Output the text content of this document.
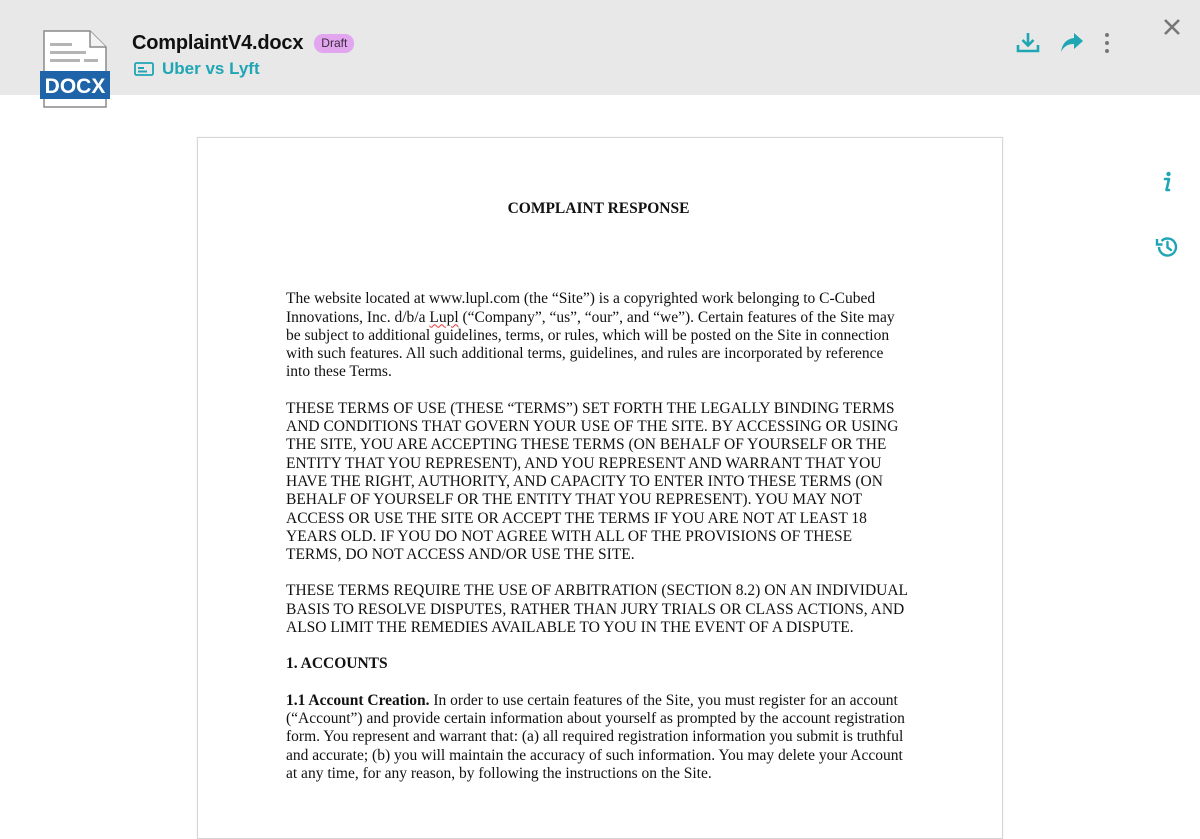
DOCX
ComplaintV4.docx	Draft
Uber vs Lyft
COMPLAINT RESPONSE

The website located at www.lupl.com (the “Site”) is a copyrighted work belonging to C-Cubed Innovations, Inc. d/b/a Lupl (“Company”, “us”, “our”, and “we”). Certain features of the Site may be subject to additional guidelines, terms, or rules, which will be posted on the Site in connection with such features. All such additional terms, guidelines, and rules are incorporated by reference into these Terms.

THESE TERMS OF USE (THESE “TERMS”) SET FORTH THE LEGALLY BINDING TERMS AND CONDITIONS THAT GOVERN YOUR USE OF THE SITE. BY ACCESSING OR USING THE SITE, YOU ARE ACCEPTING THESE TERMS (ON BEHALF OF YOURSELF OR THE ENTITY THAT YOU REPRESENT), AND YOU REPRESENT AND WARRANT THAT YOU HAVE THE RIGHT, AUTHORITY, AND CAPACITY TO ENTER INTO THESE TERMS (ON BEHALF OF YOURSELF OR THE ENTITY THAT YOU REPRESENT). YOU MAY NOT ACCESS OR USE THE SITE OR ACCEPT THE TERMS IF YOU ARE NOT AT LEAST 18 YEARS OLD. IF YOU DO NOT AGREE WITH ALL OF THE PROVISIONS OF THESE TERMS, DO NOT ACCESS AND/OR USE THE SITE.

THESE TERMS REQUIRE THE USE OF ARBITRATION (SECTION 8.2) ON AN INDIVIDUAL BASIS TO RESOLVE DISPUTES, RATHER THAN JURY TRIALS OR CLASS ACTIONS, AND ALSO LIMIT THE REMEDIES AVAILABLE TO YOU IN THE EVENT OF A DISPUTE.

1. ACCOUNTS

1.1 Account Creation. In order to use certain features of the Site, you must register for an account (“Account”) and provide certain information about yourself as prompted by the account registration form. You represent and warrant that: (a) all required registration information you submit is truthful and accurate; (b) you will maintain the accuracy of such information. You may delete your Account at any time, for any reason, by following the instructions on the Site.
